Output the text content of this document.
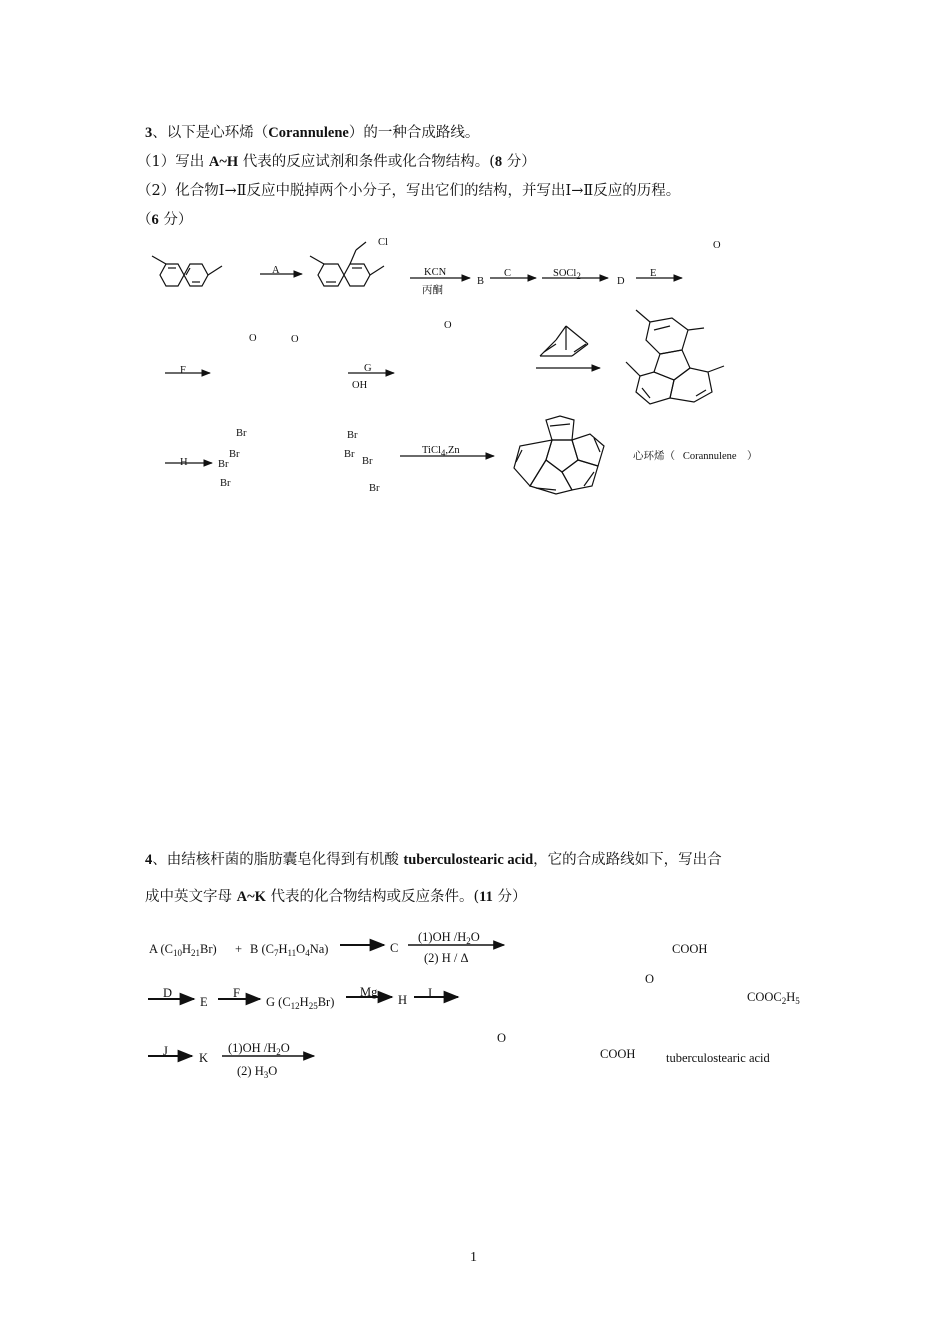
3、以下是心环烯（Corannulene）的一种合成路线。
（1）写出 A~H 代表的反应试剂和条件或化合物结构。(8 分）
（2）化合物Ⅰ→Ⅱ反应中脱掉两个小分子，写出它们的结构，并写出Ⅰ→Ⅱ反应的历程。
（6 分）
Cl
A	KCN
丙酮
B
C	SOCl$_2$	D
E
O
F
O	O
G
OH
O
H
Br
Br
Br
Br
Br
Br
Br
Br
TiCl$_4$,Zn
心环烯（ Corannulene ）
4、由结核杆菌的脂肪囊皂化得到有机酸 tuberculostearic acid，它的合成路线如下，写出合
成中英文字母 A~K 代表的化合物结构或反应条件。(11 分）
A $(C_{10}H_{21}Br) + B$ $(C_7H_{11}O_4Na)$	C
(1)OH $/H_2O$
(2) H / Δ
COOH
O
D
E
F
G $(C_{12}H_{25}Br)$
Mg
H I	$COOC_2H_5$
O
J K
(1)OH $/H_2O$
(2) $H_3O$
COOH tuberculostearic acid
1
